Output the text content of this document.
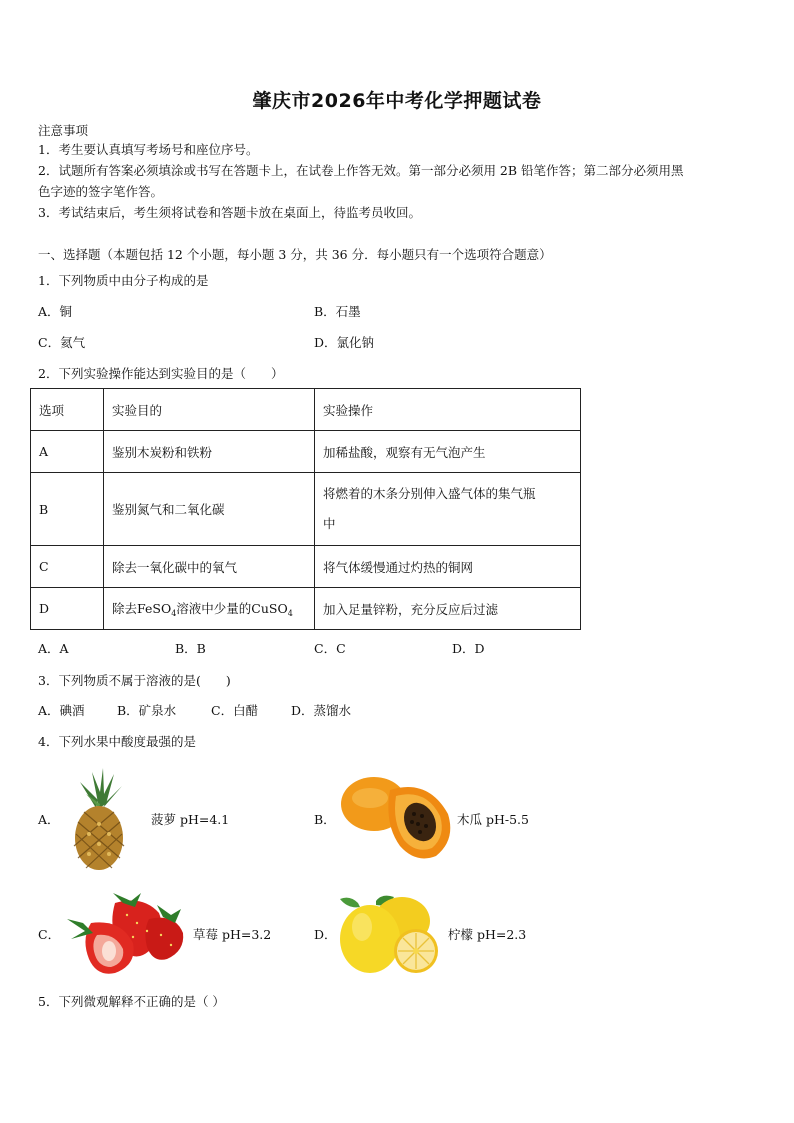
肇庆市2026年中考化学押题试卷
注意事项
1．考生要认真填写考场号和座位序号。
2．试题所有答案必须填涂或书写在答题卡上，在试卷上作答无效。第一部分必须用 2B 铅笔作答；第二部分必须用黑
色字迹的签字笔作答。
3．考试结束后，考生须将试卷和答题卡放在桌面上，待监考员收回。
一、选择题（本题包括 12 个小题，每小题 3 分，共 36 分．每小题只有一个选项符合题意）
1．下列物质中由分子构成的是
A．铜	B．石墨
C．氦气	D．氯化钠
2．下列实验操作能达到实验目的是（　　）
选项	实验目的	实验操作
A	鉴别木炭粉和铁粉	加稀盐酸，观察有无气泡产生
B	鉴别氮气和二氧化碳	将燃着的木条分别伸入盛气体的集气瓶
中

C	除去一氧化碳中的氧气	将气体缓慢通过灼热的铜网
D	除去FeSO$_4$溶液中少量的CuSO$_4$	加入足量锌粉，充分反应后过滤
A．A	B．B	C．C	D．D
3．下列物质不属于溶液的是(　　)
A．碘酒	B．矿泉水	C．白醋	D．蒸馏水
4．下列水果中酸度最强的是
A．	菠萝 pH=4.1	B．	木瓜 pH-5.5
C．	草莓 pH=3.2	D．	柠檬 pH=2.3
5．下列微观解释不正确的是（ ）
